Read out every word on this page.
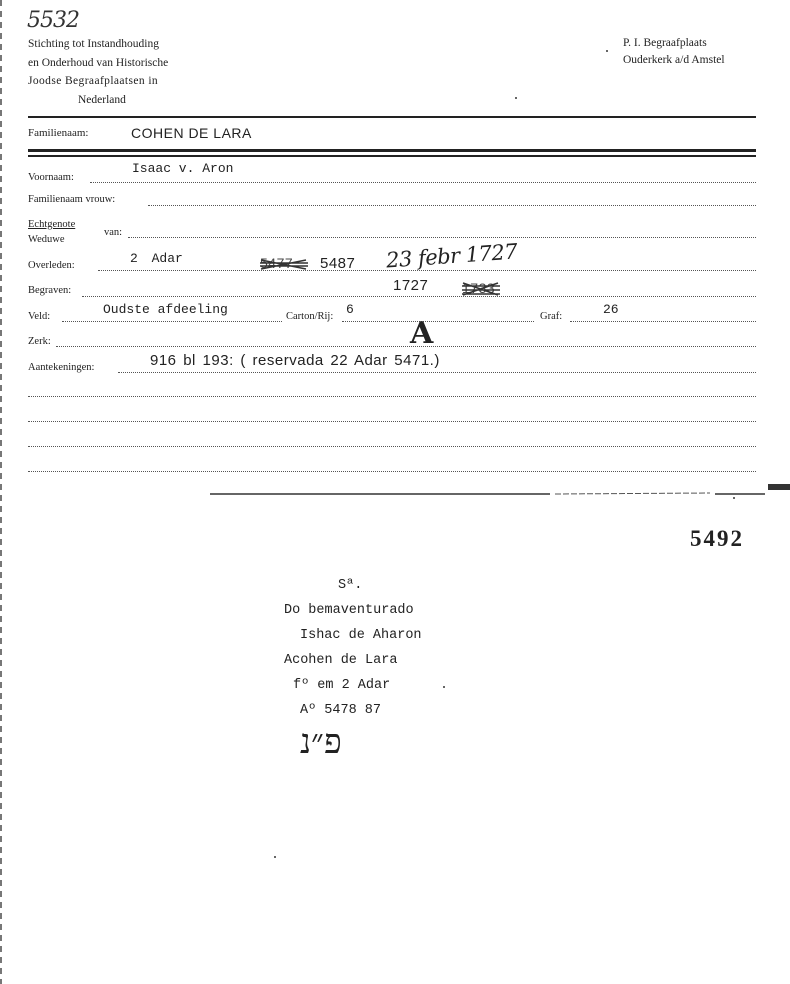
5532
Stichting tot Instandhouding
en Onderhoud van Historische
Joodse Begraafplaatsen in
Nederland
P. I. Begraafplaats
Ouderkerk a/d Amstel
Familienaam:	COHEN DE LARA
Voornaam:
Isaac v. Aron
Familienaam vrouw:
Echtgenote
Weduwe
van:
Overleden:	2 Adar	5477 5487 23 febr 1727
Begraven:	1727 1733
Veld:	Oudste afdeeling	Carton/Rij: 6	Graf:	26
Zerk:	A
Aantekeningen:	916 bl 193: ( reservada 22 Adar 5471.)
5492
Sª.
Do bemaventurado
Ishac de Aharon
Acohen de Lara
fº em 2 Adar
Aº 5478 87
פ״נ
